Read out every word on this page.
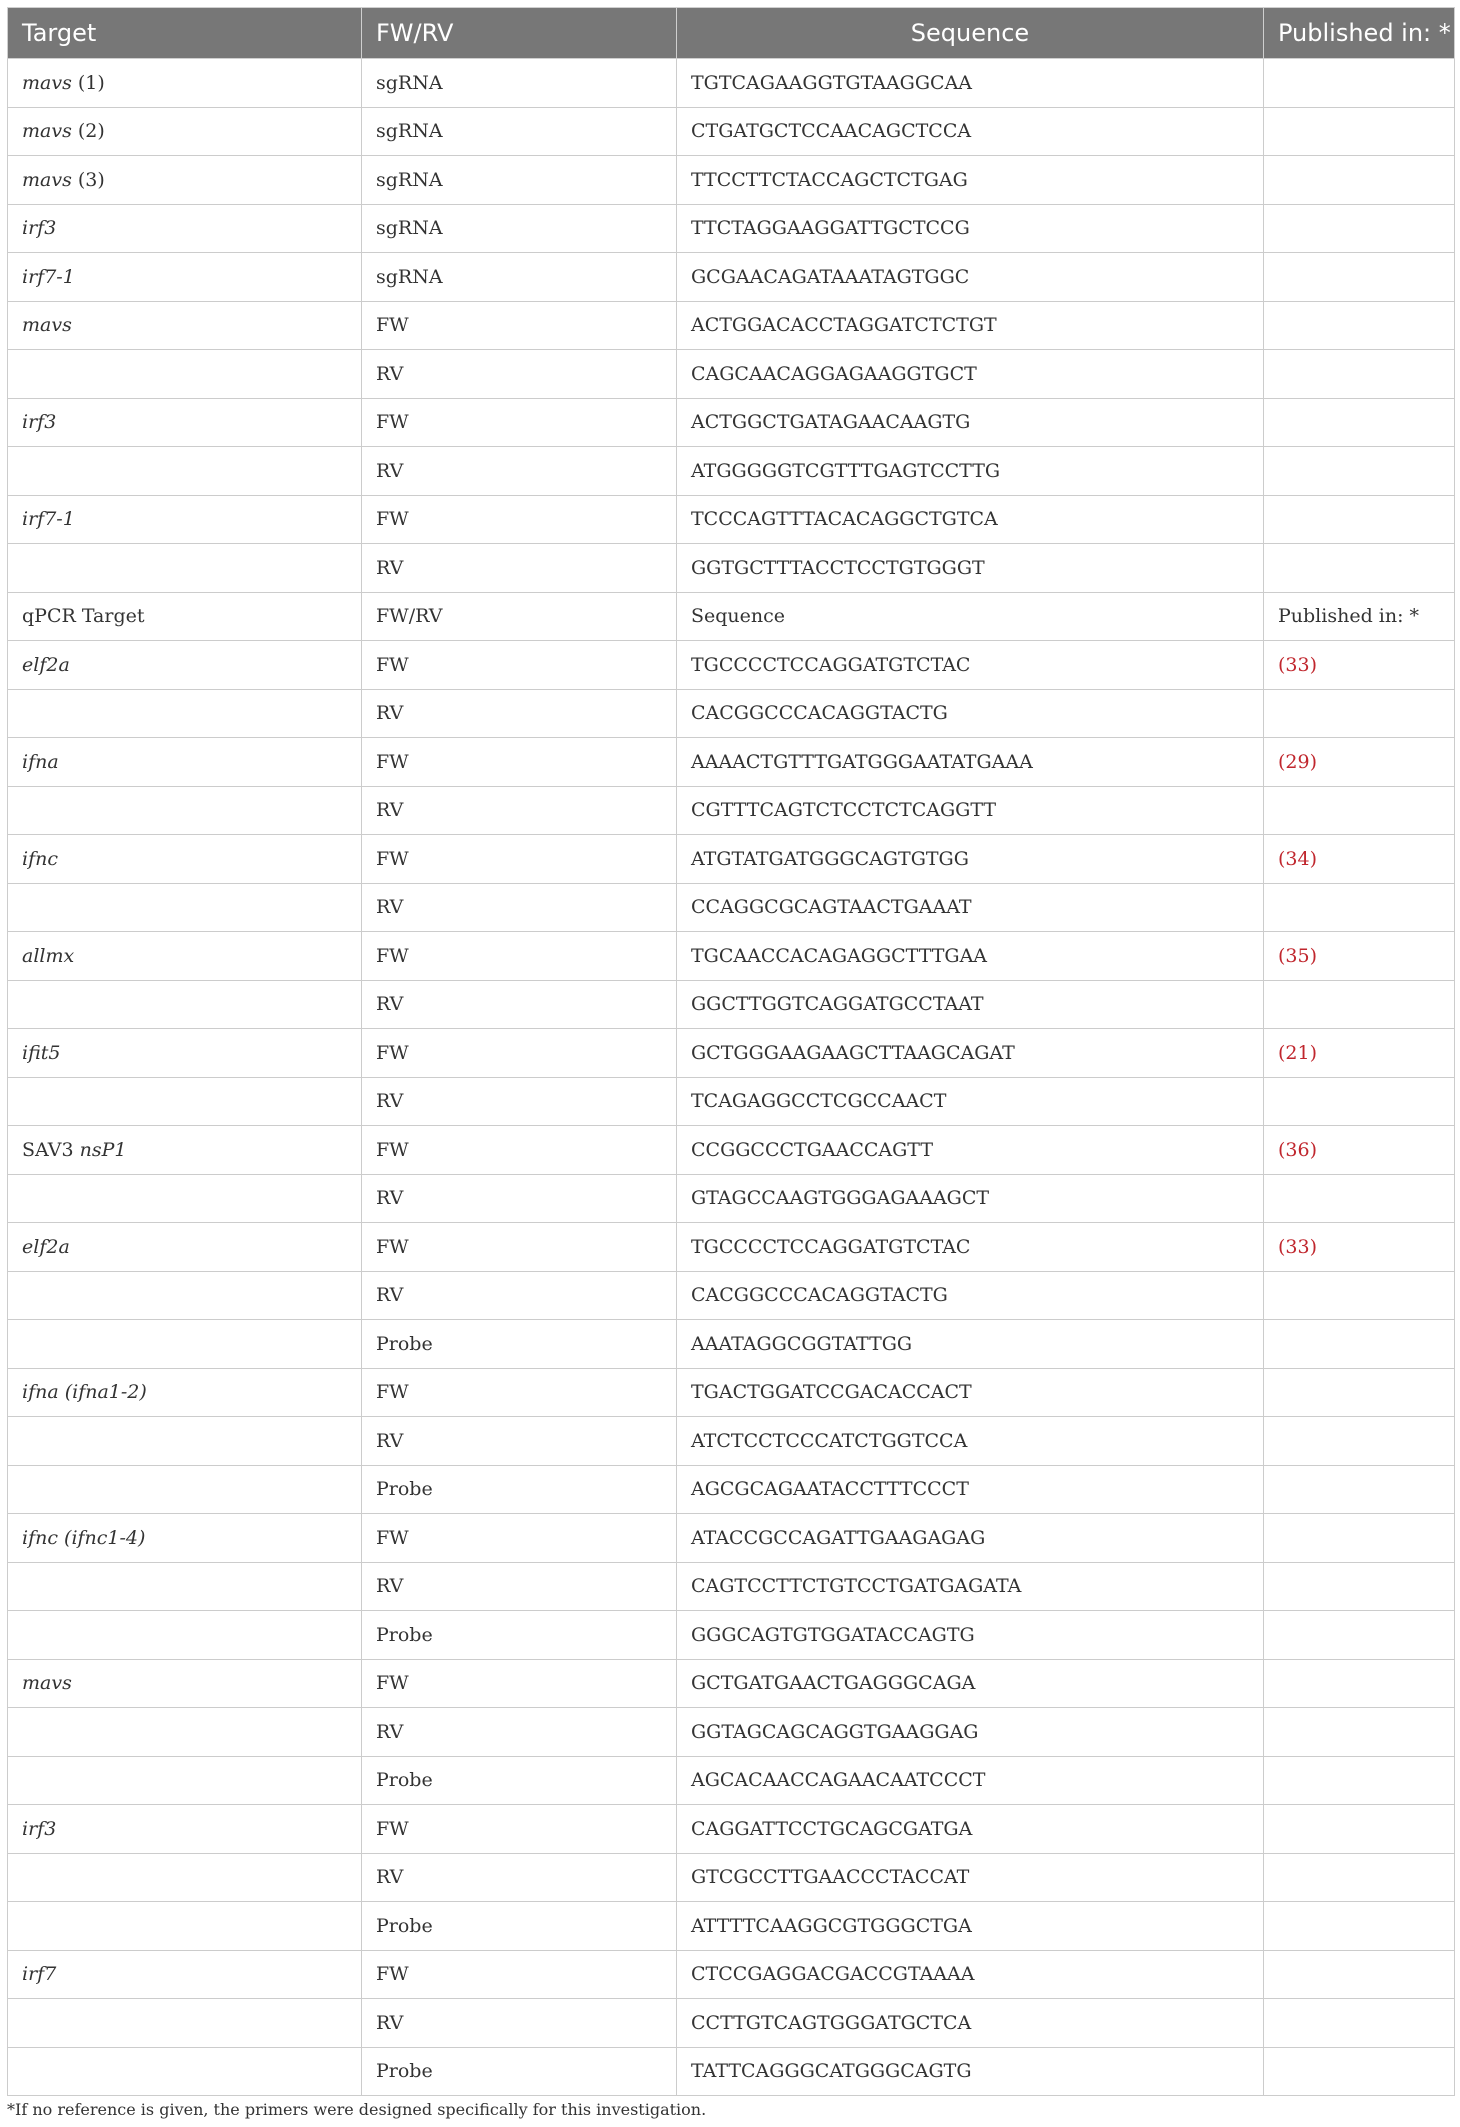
Target	FW/RV	Sequence	Published in: *
mavs (1)	sgRNA	TGTCAGAAGGTGTAAGGCAA	
mavs (2)	sgRNA	CTGATGCTCCAACAGCTCCA	
mavs (3)	sgRNA	TTCCTTCTACCAGCTCTGAG	
irf3	sgRNA	TTCTAGGAAGGATTGCTCCG	
irf7-1	sgRNA	GCGAACAGATAAATAGTGGC	
mavs	FW	ACTGGACACCTAGGATCTCTGT	
	RV	CAGCAACAGGAGAAGGTGCT	
irf3	FW	ACTGGCTGATAGAACAAGTG	
	RV	ATGGGGGTCGTTTGAGTCCTTG	
irf7-1	FW	TCCCAGTTTACACAGGCTGTCA	
	RV	GGTGCTTTACCTCCTGTGGGT	
qPCR Target	FW/RV	Sequence	Published in: *
elf2a	FW	TGCCCCTCCAGGATGTCTAC	(33)
	RV	CACGGCCCACAGGTACTG	
ifna	FW	AAAACTGTTTGATGGGAATATGAAA	(29)
	RV	CGTTTCAGTCTCCTCTCAGGTT	
ifnc	FW	ATGTATGATGGGCAGTGTGG	(34)
	RV	CCAGGCGCAGTAACTGAAAT	
allmx	FW	TGCAACCACAGAGGCTTTGAA	(35)
	RV	GGCTTGGTCAGGATGCCTAAT	
ifit5	FW	GCTGGGAAGAAGCTTAAGCAGAT	(21)
	RV	TCAGAGGCCTCGCCAACT	
SAV3 nsP1	FW	CCGGCCCTGAACCAGTT	(36)
	RV	GTAGCCAAGTGGGAGAAAGCT	
elf2a	FW	TGCCCCTCCAGGATGTCTAC	(33)
	RV	CACGGCCCACAGGTACTG	
	Probe	AAATAGGCGGTATTGG	
ifna (ifna1-2)	FW	TGACTGGATCCGACACCACT	
	RV	ATCTCCTCCCATCTGGTCCA	
	Probe	AGCGCAGAATACCTTTCCCT	
ifnc (ifnc1-4)	FW	ATACCGCCAGATTGAAGAGAG	
	RV	CAGTCCTTCTGTCCTGATGAGATA	
	Probe	GGGCAGTGTGGATACCAGTG	
mavs	FW	GCTGATGAACTGAGGGCAGA	
	RV	GGTAGCAGCAGGTGAAGGAG	
	Probe	AGCACAACCAGAACAATCCCT	
irf3	FW	CAGGATTCCTGCAGCGATGA	
	RV	GTCGCCTTGAACCCTACCAT	
	Probe	ATTTTCAAGGCGTGGGCTGA	
irf7	FW	CTCCGAGGACGACCGTAAAA	
	RV	CCTTGTCAGTGGGATGCTCA	
	Probe	TATTCAGGGCATGGGCAGTG	
*If no reference is given, the primers were designed specifically for this investigation.
